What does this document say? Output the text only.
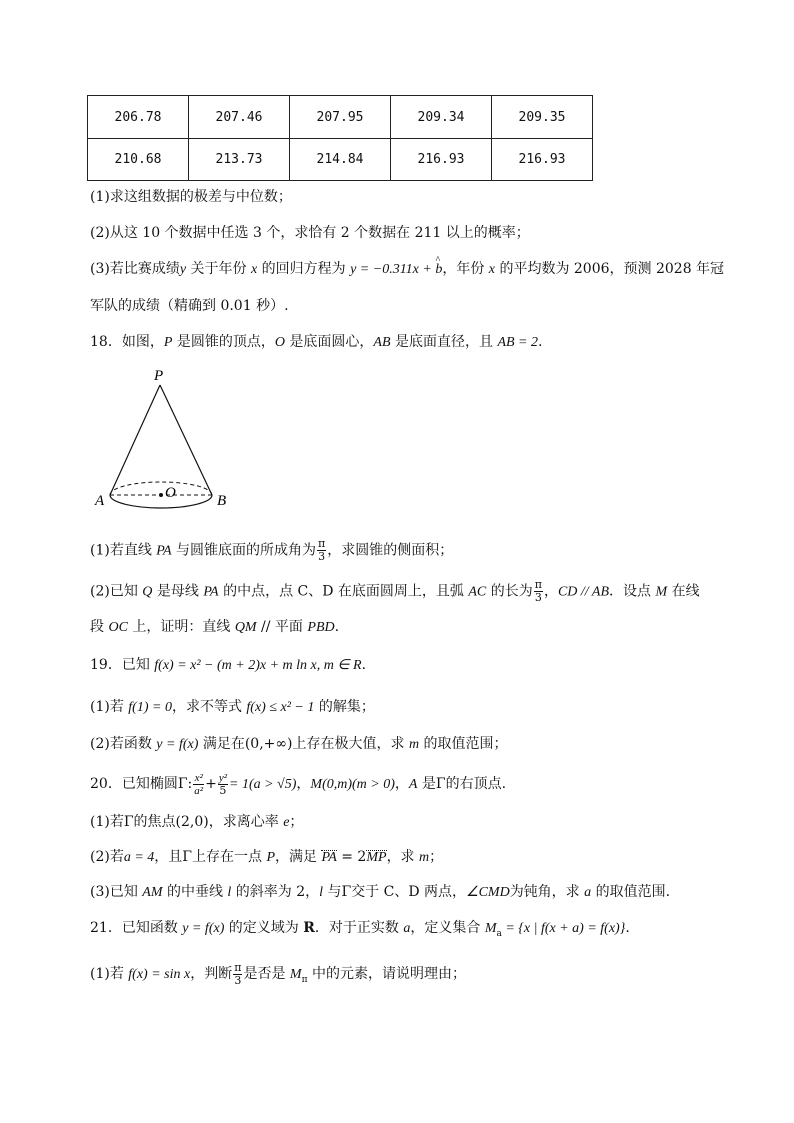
206.78	207.46	207.95	209.34	209.35
210.68	213.73	214.84	216.93	216.93
(1)求这组数据的极差与中位数；
(2)从这 10 个数据中任选 3 个，求恰有 2 个数据在 211 以上的概率；
(3)若比赛成绩y 关于年份 x 的回归方程为 y = −0.311x + ^ b，年份 x 的平均数为 2006，预测 2028 年冠
军队的成绩（精确到 0.01 秒）.
18．如图，P 是圆锥的顶点，O 是底面圆心，AB 是底面直径，且 AB = 2.
P
O
A	B
(1)若直线 PA 与圆锥底面的所成角为 $\frac{\pi}{3}$ ，求圆锥的侧面积；
(2)已知 Q 是母线 PA 的中点，点 C、D 在底面圆周上，且弧 AC 的长为 $\frac{\pi}{3}$ ，CD // AB．设点 M 在线
段 OC 上，证明：直线 QM // 平面 PBD.
19．已知 f(x) = x² − (m + 2)x + m ln x, m ∈ R.
(1)若 f(1) = 0，求不等式 f(x) ≤ x² − 1 的解集；
(2)若函数 y = f(x) 满足在(0,+∞)上存在极大值，求 m 的取值范围；
20．已知椭圆Γ: $\frac{\text{x²}}{\text{a²}} + \frac{\text{y²}}{5} = 1(a > √5)$，M(0,m)(m > 0)，A 是Γ的右顶点.
(1)若Γ的焦点(2,0)，求离心率 e；
(2)若a = 4，且Γ上存在一点 P，满足 PA = 2MP，求 m；
(3)已知 AM 的中垂线 l 的斜率为 2，l 与Γ交于 C、D 两点，∠CMD为钝角，求 a 的取值范围.
21．已知函数 y = f(x) 的定义域为 R．对于正实数 a，定义集合 $M_a = \{x$ | f(x + a) = f(x)}.
(1)若 f(x) = sin x，判断 $\frac{\pi}{3}$ 是否是 $M_\pi$ 中的元素，请说明理由；
